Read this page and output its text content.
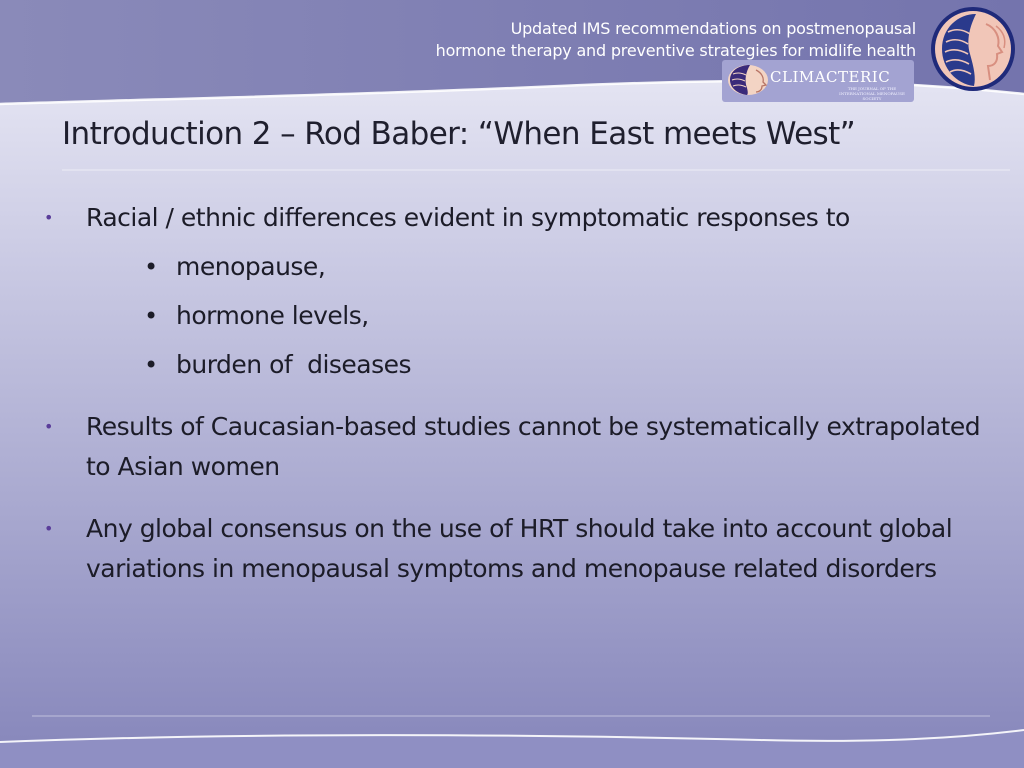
Updated IMS recommendations on postmenopausal
hormone therapy and preventive strategies for midlife health
CLIMACTERIC
THE JOURNAL OF THE INTERNATIONAL MENOPAUSE SOCIETY
Introduction 2 – Rod Baber: “When East meets West”
• Racial / ethnic differences evident in symptomatic responses to
• menopause,
• hormone levels,
• burden of  diseases
• Results of Caucasian-based studies cannot be systematically extrapolated to Asian women
• Any global consensus on the use of HRT should take into account global variations in menopausal symptoms and menopause related disorders
